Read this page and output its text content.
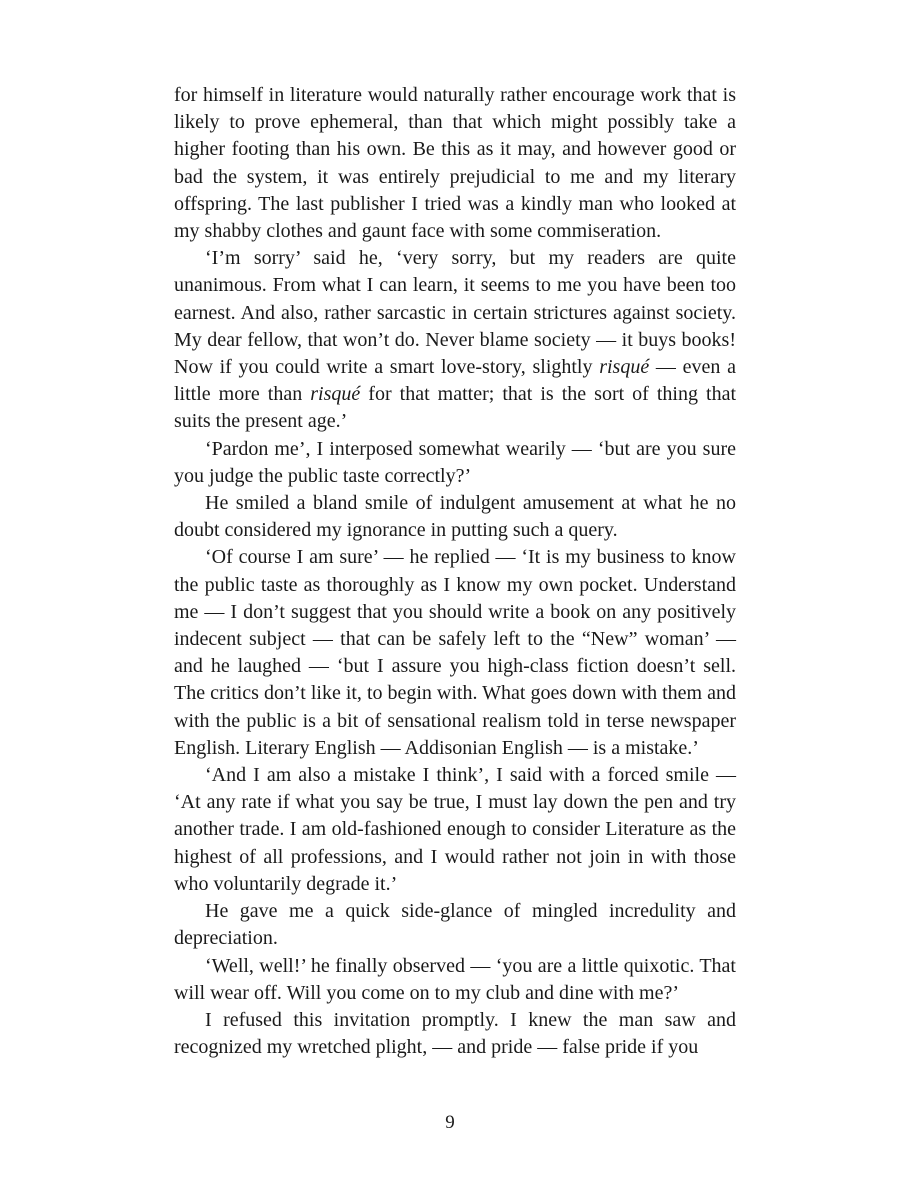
for himself in literature would naturally rather encourage work that is likely to prove ephemeral, than that which might possibly take a higher footing than his own. Be this as it may, and however good or bad the system, it was entirely prejudicial to me and my literary offspring. The last publisher I tried was a kindly man who looked at my shabby clothes and gaunt face with some commiseration.

‘I’m sorry’ said he, ‘very sorry, but my readers are quite unanimous. From what I can learn, it seems to me you have been too earnest. And also, rather sarcastic in certain strictures against society. My dear fellow, that won’t do. Never blame society — it buys books! Now if you could write a smart love-story, slightly risqué — even a little more than risqué for that matter; that is the sort of thing that suits the present age.’

‘Pardon me’, I interposed somewhat wearily — ‘but are you sure you judge the public taste correctly?’

He smiled a bland smile of indulgent amusement at what he no doubt considered my ignorance in putting such a query.

‘Of course I am sure’ — he replied — ‘It is my business to know the public taste as thoroughly as I know my own pocket. Understand me — I don’t suggest that you should write a book on any positively indecent subject — that can be safely left to the “New” woman’ — and he laughed — ‘but I assure you high-class fiction doesn’t sell. The critics don’t like it, to begin with. What goes down with them and with the public is a bit of sensational realism told in terse newspaper English. Literary English — Addisonian English — is a mistake.’

‘And I am also a mistake I think’, I said with a forced smile — ‘At any rate if what you say be true, I must lay down the pen and try another trade. I am old-fashioned enough to consider Literature as the highest of all professions, and I would rather not join in with those who voluntarily degrade it.’

He gave me a quick side-glance of mingled incredulity and depreciation.

‘Well, well!’ he finally observed — ‘you are a little quixotic. That will wear off. Will you come on to my club and dine with me?’

I refused this invitation promptly. I knew the man saw and recognized my wretched plight, — and pride — false pride if you

9
